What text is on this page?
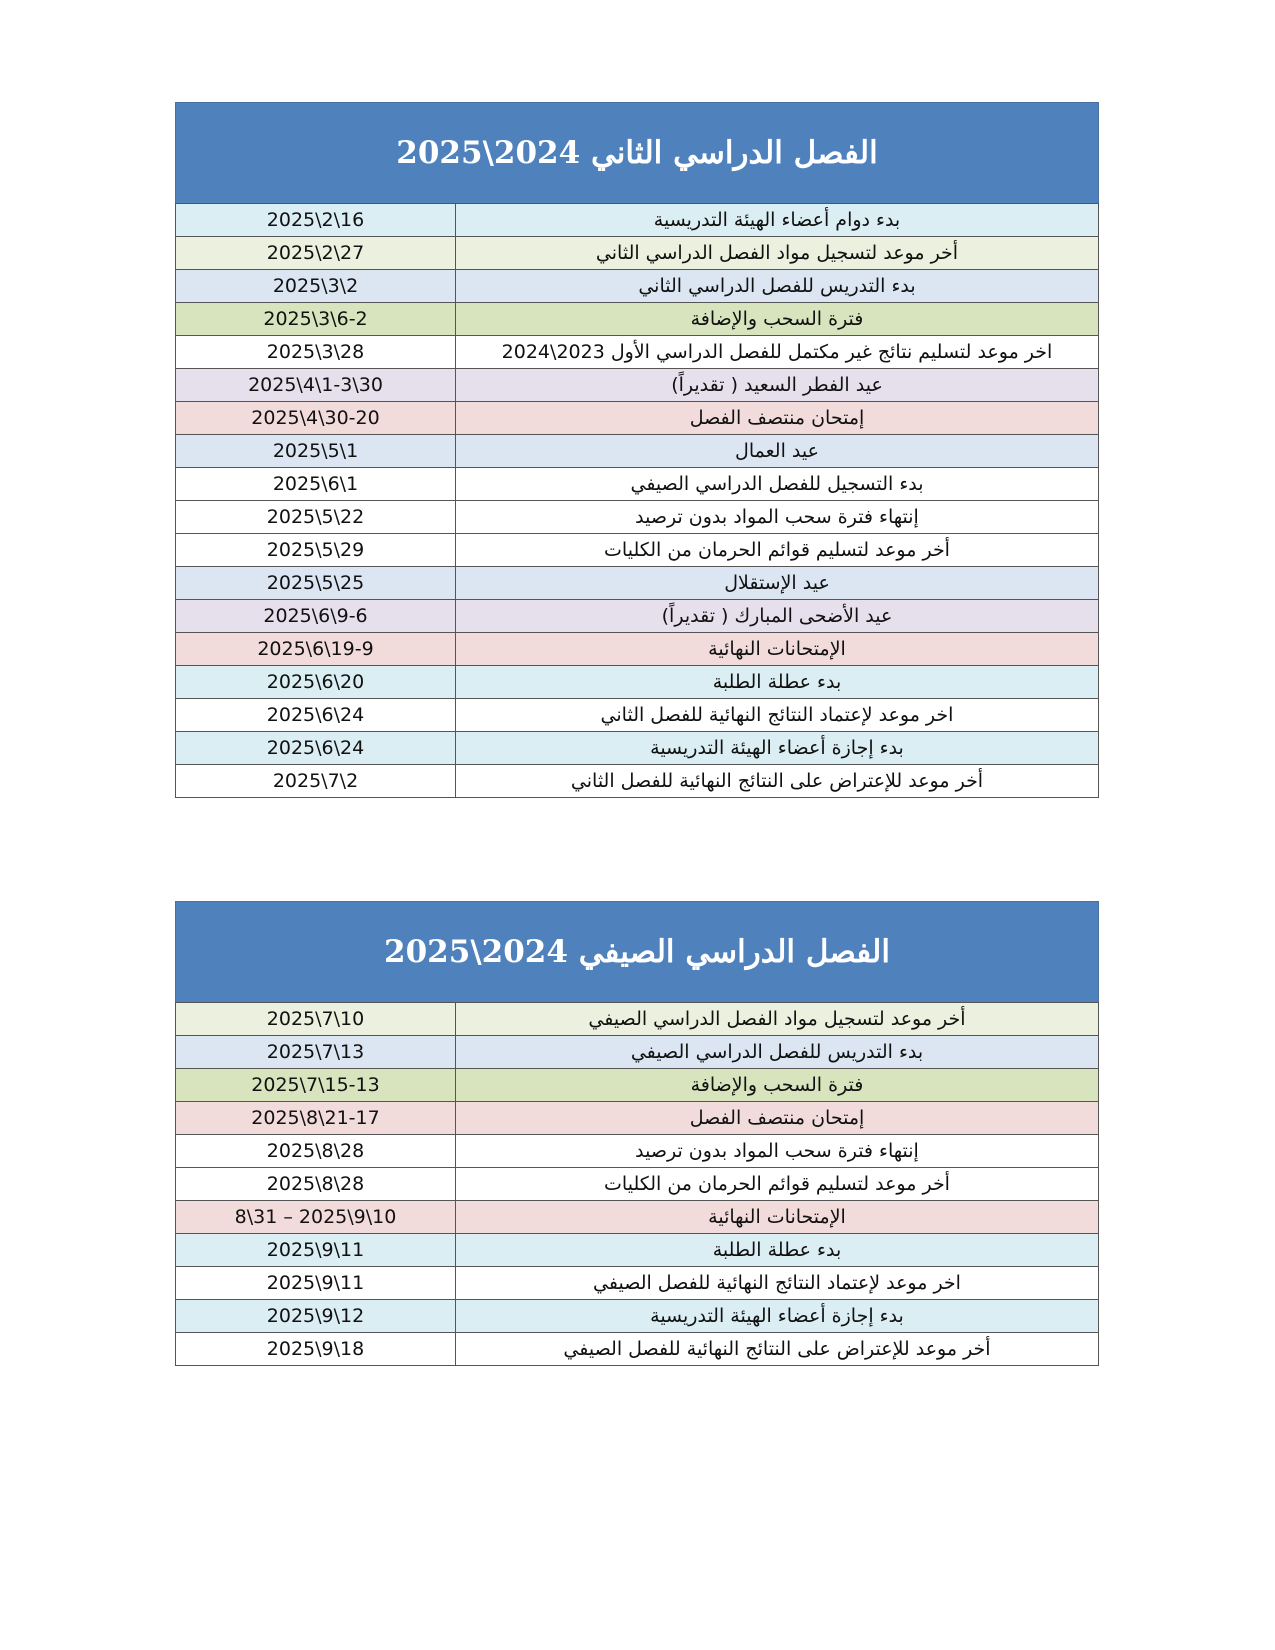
الفصل الدراسي الثاني 2024\2025
2025\2\16	بدء دوام أعضاء الهيئة التدريسية
2025\2\27	أخر موعد لتسجيل مواد الفصل الدراسي الثاني
2025\3\2	بدء التدريس للفصل الدراسي الثاني
2025\3\6-2	فترة السحب والإضافة
2025\3\28	اخر موعد لتسليم نتائج غير مكتمل للفصل الدراسي الأول 2023\2024
2025\4\1-3\30	عيد الفطر السعيد ( تقديراً)
2025\4\30-20	إمتحان منتصف الفصل
2025\5\1	عيد العمال
2025\6\1	بدء التسجيل للفصل الدراسي الصيفي
2025\5\22	إنتهاء فترة سحب المواد بدون ترصيد
2025\5\29	أخر موعد لتسليم قوائم الحرمان من الكليات
2025\5\25	عيد الإستقلال
2025\6\9-6	عيد الأضحى المبارك ( تقديراً)
2025\6\19-9	الإمتحانات النهائية
2025\6\20	بدء عطلة الطلبة
2025\6\24	اخر موعد لإعتماد النتائج النهائية للفصل الثاني
2025\6\24	بدء إجازة أعضاء الهيئة التدريسية
2025\7\2	أخر موعد للإعتراض على النتائج النهائية للفصل الثاني
الفصل الدراسي الصيفي 2024\2025
2025\7\10	أخر موعد لتسجيل مواد الفصل الدراسي الصيفي
2025\7\13	بدء التدريس للفصل الدراسي الصيفي
2025\7\15-13	فترة السحب والإضافة
2025\8\21-17	إمتحان منتصف الفصل
2025\8\28	إنتهاء فترة سحب المواد بدون ترصيد
2025\8\28	أخر موعد لتسليم قوائم الحرمان من الكليات
8\31 – 2025\9\10	الإمتحانات النهائية
2025\9\11	بدء عطلة الطلبة
2025\9\11	اخر موعد لإعتماد النتائج النهائية للفصل الصيفي
2025\9\12	بدء إجازة أعضاء الهيئة التدريسية
2025\9\18	أخر موعد للإعتراض على النتائج النهائية للفصل الصيفي
